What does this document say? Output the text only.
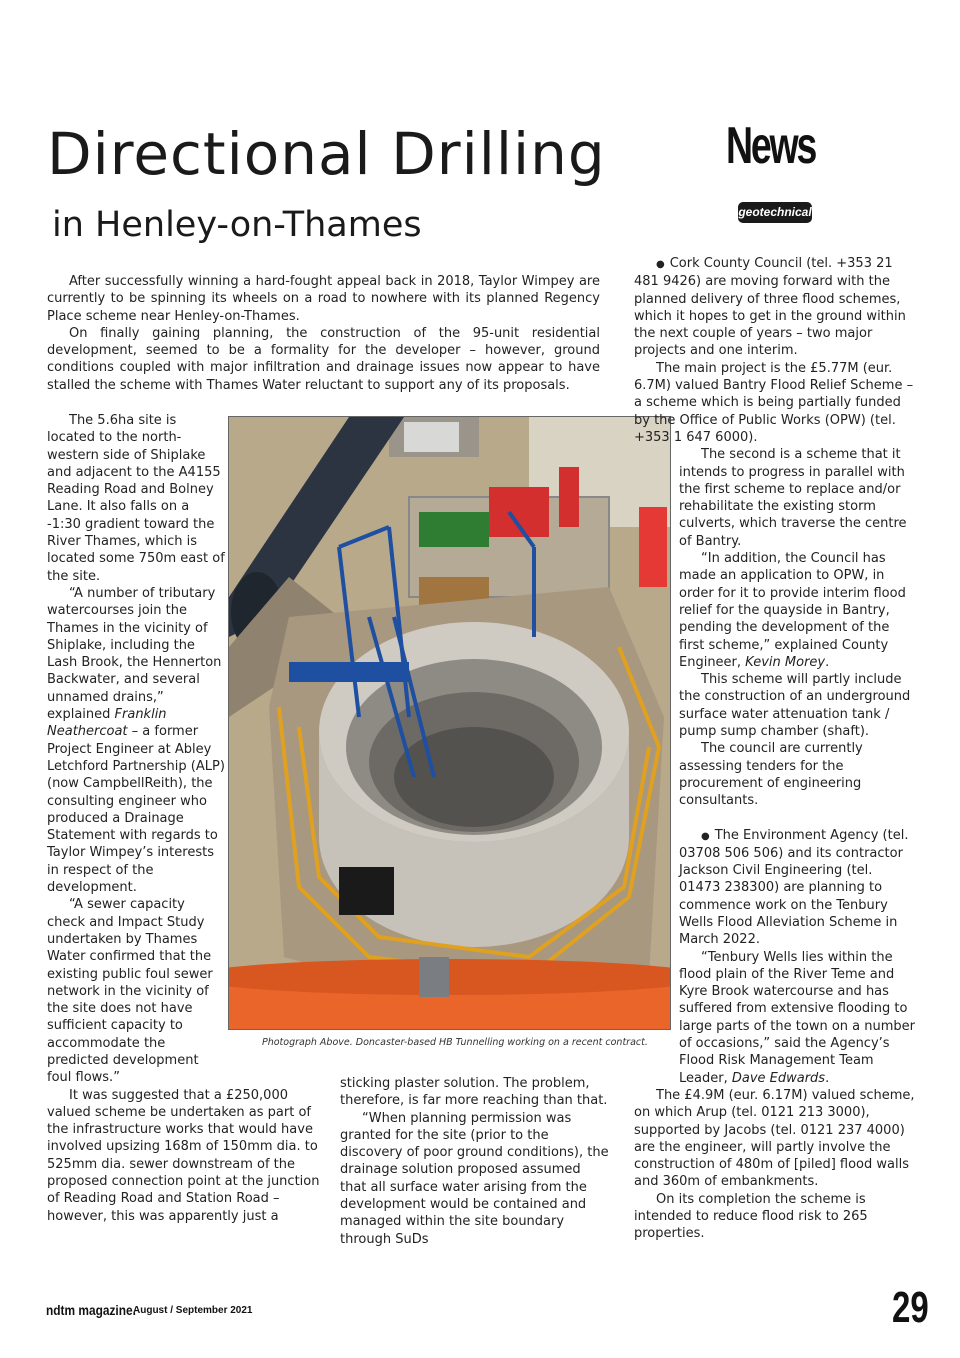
Directional Drilling
in Henley-on-Thames
News
geotechnical

After successfully winning a hard-fought appeal back in 2018, Taylor Wimpey are currently to be spinning its wheels on a road to nowhere with its planned Regency Place scheme near Henley-on-Thames.

On finally gaining planning, the construction of the 95-unit residential development, seemed to be a formality for the developer – however, ground conditions coupled with major infiltration and drainage issues now appear to have stalled the scheme with Thames Water reluctant to support any of its proposals.

The 5.6ha site is located to the north-western side of Shiplake and adjacent to the A4155 Reading Road and Bolney Lane. It also falls on a -1:30 gradient toward the River Thames, which is located some 750m east of the site.

“A number of tributary watercourses join the Thames in the vicinity of Shiplake, including the Lash Brook, the Hennerton Backwater, and several unnamed drains,” explained Franklin Neathercoat – a former Project Engineer at Abley Letchford Partnership (ALP) (now CampbellReith), the consulting engineer who produced a Drainage Statement with regards to Taylor Wimpey’s interests in respect of the development.

“A sewer capacity check and Impact Study undertaken by Thames Water confirmed that the existing public foul sewer network in the vicinity of the site does not have sufficient capacity to accommodate the predicted development foul flows.”

It was suggested that a £250,000 valued scheme be undertaken as part of the infrastructure works that would have involved upsizing 168m of 150mm dia. to 525mm dia. sewer downstream of the proposed connection point at the junction of Reading Road and Station Road – however, this was apparently just a

Photograph Above. Doncaster-based HB Tunnelling working on a recent contract.

sticking plaster solution. The problem, therefore, is far more reaching than that.

“When planning permission was granted for the site (prior to the discovery of poor ground conditions), the drainage solution proposed assumed that all surface water arising from the development would be contained and managed within the site boundary through SuDs

● Cork County Council (tel. +353 21 481 9426) are moving forward with the planned delivery of three flood schemes, which it hopes to get in the ground within the next couple of years – two major projects and one interim.

The main project is the £5.77M (eur. 6.7M) valued Bantry Flood Relief Scheme – a scheme which is being partially funded by the Office of Public Works (OPW) (tel. +353 1 647 6000).

The second is a scheme that it intends to progress in parallel with the first scheme to replace and/or rehabilitate the existing storm culverts, which traverse the centre of Bantry.

“In addition, the Council has made an application to OPW, in order for it to provide interim flood relief for the quayside in Bantry, pending the development of the first scheme,” explained County Engineer, Kevin Morey.

This scheme will partly include the construction of an underground surface water attenuation tank / pump sump chamber (shaft).

The council are currently assessing tenders for the procurement of engineering consultants.

● The Environment Agency (tel. 03708 506 506) and its contractor Jackson Civil Engineering (tel. 01473 238300) are planning to commence work on the Tenbury Wells Flood Alleviation Scheme in March 2022.

“Tenbury Wells lies within the flood plain of the River Teme and Kyre Brook watercourse and has suffered from extensive flooding to large parts of the town on a number of occasions,” said the Agency’s Flood Risk Management Team Leader, Dave Edwards.

The £4.9M (eur. 6.17M) valued scheme, on which Arup (tel. 0121 213 3000), supported by Jacobs (tel. 0121 237 4000) are the engineer, will partly involve the construction of 480m of [piled] flood walls and 360m of embankments.

On its completion the scheme is intended to reduce flood risk to 265 properties.

ndtm magazine.
August / September 2021	29
